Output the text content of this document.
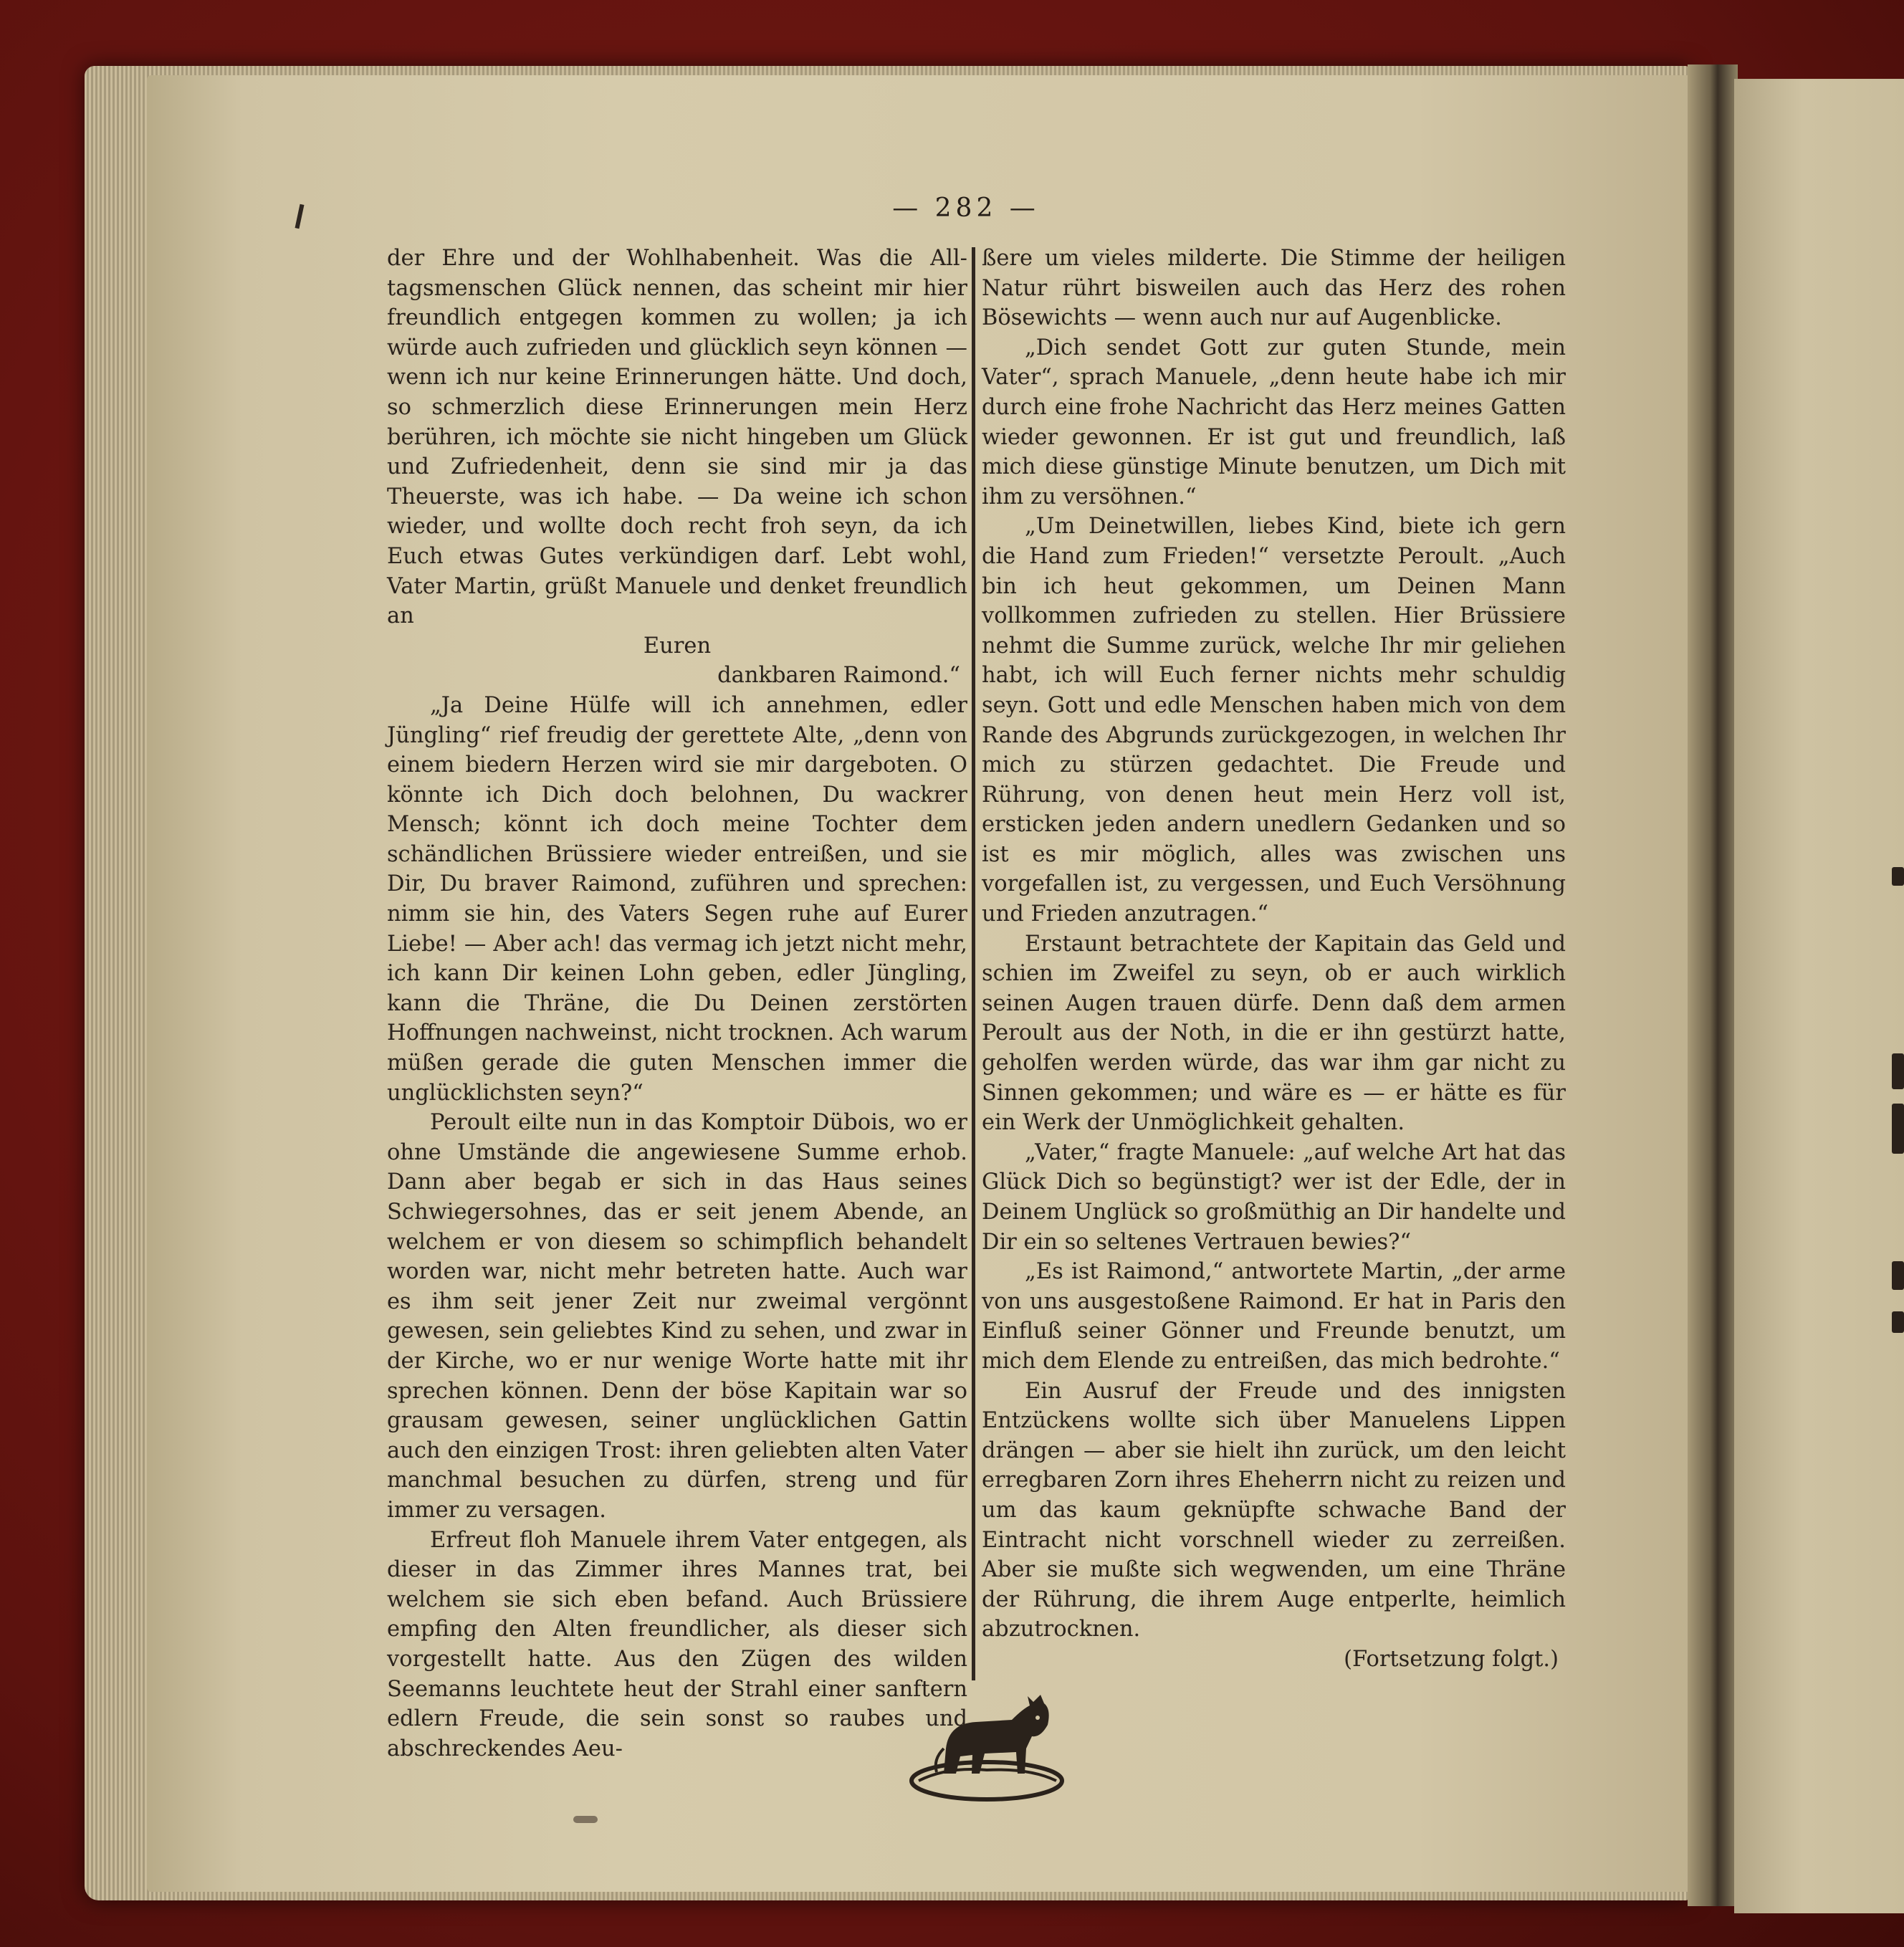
— 282 —

der Ehre und der Wohlhabenheit. Was die All-tagsmenschen Glück nennen, das scheint mir hier freundlich entgegen kommen zu wollen; ja ich würde auch zufrieden und glücklich seyn können — wenn ich nur keine Erinnerungen hätte. Und doch, so schmerzlich diese Erinnerungen mein Herz berühren, ich möchte sie nicht hingeben um Glück und Zufriedenheit, denn sie sind mir ja das Theuerste, was ich habe. — Da weine ich schon wieder, und wollte doch recht froh seyn, da ich Euch etwas Gutes verkündigen darf. Lebt wohl, Vater Martin, grüßt Manuele und denket freundlich an

Euren

dankbaren Raimond.“

„Ja Deine Hülfe will ich annehmen, edler Jüngling“ rief freudig der gerettete Alte, „denn von einem biedern Herzen wird sie mir dargeboten. O könnte ich Dich doch belohnen, Du wackrer Mensch; könnt ich doch meine Tochter dem schändlichen Brüssiere wieder entreißen, und sie Dir, Du braver Raimond, zuführen und sprechen: nimm sie hin, des Vaters Segen ruhe auf Eurer Liebe! — Aber ach! das vermag ich jetzt nicht mehr, ich kann Dir keinen Lohn geben, edler Jüngling, kann die Thräne, die Du Deinen zerstörten Hoffnungen nachweinst, nicht trocknen. Ach warum müßen gerade die guten Menschen immer die unglücklichsten seyn?“

Peroult eilte nun in das Komptoir Dübois, wo er ohne Umstände die angewiesene Summe erhob. Dann aber begab er sich in das Haus seines Schwiegersohnes, das er seit jenem Abende, an welchem er von diesem so schimpflich behandelt worden war, nicht mehr betreten hatte. Auch war es ihm seit jener Zeit nur zweimal vergönnt gewesen, sein geliebtes Kind zu sehen, und zwar in der Kirche, wo er nur wenige Worte hatte mit ihr sprechen können. Denn der böse Kapitain war so grausam gewesen, seiner unglücklichen Gattin auch den einzigen Trost: ihren geliebten alten Vater manchmal besuchen zu dürfen, streng und für immer zu versagen.

Erfreut floh Manuele ihrem Vater entgegen, als dieser in das Zimmer ihres Mannes trat, bei welchem sie sich eben befand. Auch Brüssiere empfing den Alten freundlicher, als dieser sich vorgestellt hatte. Aus den Zügen des wilden Seemanns leuchtete heut der Strahl einer sanftern edlern Freude, die sein sonst so raubes und abschreckendes Aeu-

ßere um vieles milderte. Die Stimme der heiligen Natur rührt bisweilen auch das Herz des rohen Bösewichts — wenn auch nur auf Augenblicke.

„Dich sendet Gott zur guten Stunde, mein Vater“, sprach Manuele, „denn heute habe ich mir durch eine frohe Nachricht das Herz meines Gatten wieder gewonnen. Er ist gut und freundlich, laß mich diese günstige Minute benutzen, um Dich mit ihm zu versöhnen.“

„Um Deinetwillen, liebes Kind, biete ich gern die Hand zum Frieden!“ versetzte Peroult. „Auch bin ich heut gekommen, um Deinen Mann vollkommen zufrieden zu stellen. Hier Brüssiere nehmt die Summe zurück, welche Ihr mir geliehen habt, ich will Euch ferner nichts mehr schuldig seyn. Gott und edle Menschen haben mich von dem Rande des Abgrunds zurückgezogen, in welchen Ihr mich zu stürzen gedachtet. Die Freude und Rührung, von denen heut mein Herz voll ist, ersticken jeden andern unedlern Gedanken und so ist es mir möglich, alles was zwischen uns vorgefallen ist, zu vergessen, und Euch Versöhnung und Frieden anzutragen.“

Erstaunt betrachtete der Kapitain das Geld und schien im Zweifel zu seyn, ob er auch wirklich seinen Augen trauen dürfe. Denn daß dem armen Peroult aus der Noth, in die er ihn gestürzt hatte, geholfen werden würde, das war ihm gar nicht zu Sinnen gekommen; und wäre es — er hätte es für ein Werk der Unmöglichkeit gehalten.

„Vater,“ fragte Manuele: „auf welche Art hat das Glück Dich so begünstigt? wer ist der Edle, der in Deinem Unglück so großmüthig an Dir handelte und Dir ein so seltenes Vertrauen bewies?“

„Es ist Raimond,“ antwortete Martin, „der arme von uns ausgestoßene Raimond. Er hat in Paris den Einfluß seiner Gönner und Freunde benutzt, um mich dem Elende zu entreißen, das mich bedrohte.“

Ein Ausruf der Freude und des innigsten Entzückens wollte sich über Manuelens Lippen drängen — aber sie hielt ihn zurück, um den leicht erregbaren Zorn ihres Eheherrn nicht zu reizen und um das kaum geknüpfte schwache Band der Eintracht nicht vorschnell wieder zu zerreißen. Aber sie mußte sich wegwenden, um eine Thräne der Rührung, die ihrem Auge entperlte, heimlich abzutrocknen.

(Fortsetzung folgt.)
